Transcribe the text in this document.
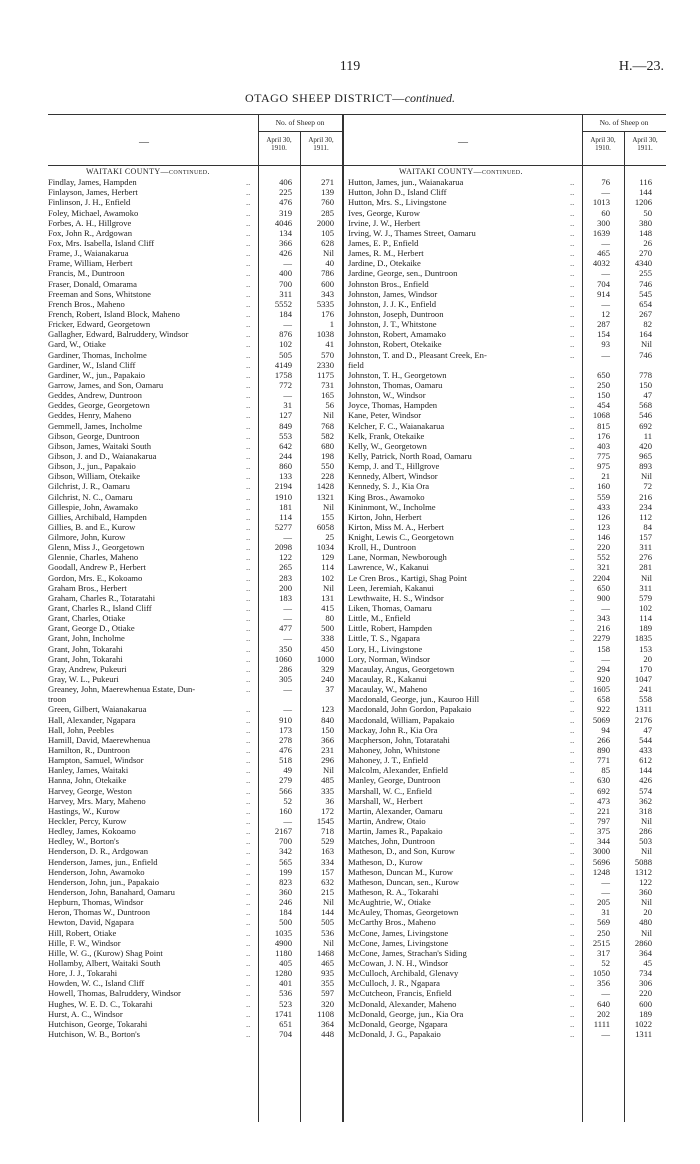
119	H.—23.
OTAGO SHEEP DISTRICT—continued.
—
No. of Sheep on
April 30,
1910.
April 30,
1911.	—
No. of Sheep on
April 30,
1910.
April 30,
1911.
WAITAKI COUNTY—continued.
Findlay, James, Hampden	..	406	271
Finlayson, James, Herbert	..	225	139
Finlinson, J. H., Enfield	..	476	760
Foley, Michael, Awamoko	..	319	285
Forbes, A. H., Hillgrove	..	4046	2000
Fox, John R., Ardgowan	..	134	105
Fox, Mrs. Isabella, Island Cliff	..	366	628
Frame, J., Waianakarua	..	426	Nil
Frame, William, Herbert	..	—	40
Francis, M., Duntroon	..	400	786
Fraser, Donald, Omarama	..	700	600
Freeman and Sons, Whitstone	..	311	343
French Bros., Maheno	..	5552	5335
French, Robert, Island Block, Maheno	..	184	176
Fricker, Edward, Georgetown	..	—	1
Gallagher, Edward, Balruddery, Windsor	..	876	1038
Gard, W., Otiake	..	102	41
Gardiner, Thomas, Incholme	..	505	570
Gardiner, W., Island Cliff	..	4149	2330
Gardiner, W., jun., Papakaio	..	1758	1175
Garrow, James, and Son, Oamaru	..	772	731
Geddes, Andrew, Duntroon	..	—	165
Geddes, George, Georgetown	..	31	56
Geddes, Henry, Maheno	..	127	Nil
Gemmell, James, Incholme	..	849	768
Gibson, George, Duntroon	..	553	582
Gibson, James, Waitaki South	..	642	680
Gibson, J. and D., Waianakarua	..	244	198
Gibson, J., jun., Papakaio	..	860	550
Gibson, William, Otekaike	..	133	228
Gilchrist, J. R., Oamaru	..	2194	1428
Gilchrist, N. C., Oamaru	..	1910	1321
Gillespie, John, Awamako	..	181	Nil
Gillies, Archibald, Hampden	..	114	155
Gillies, B. and E., Kurow	..	5277	6058
Gilmore, John, Kurow	..	—	25
Glenn, Miss J., Georgetown	..	2098	1034
Glennie, Charles, Maheno	..	122	129
Goodall, Andrew P., Herbert	..	265	114
Gordon, Mrs. E., Kokoamo	..	283	102
Graham Bros., Herbert	..	200	Nil
Graham, Charles R., Totaratahi	..	183	131
Grant, Charles R., Island Cliff	..	—	415
Grant, Charles, Otiake	..	—	80
Grant, George D., Otiake	..	477	500
Grant, John, Incholme	..	—	338
Grant, John, Tokarahi	..	350	450
Grant, John, Tokarahi	..	1060	1000
Gray, Andrew, Pukeuri	..	286	329
Gray, W. L., Pukeuri	..	305	240
Greaney, John, Maerewhenua Estate, Dun-	..	—	37
troon
Green, Gilbert, Waianakarua	..	—	123
Hall, Alexander, Ngapara	..	910	840
Hall, John, Peebles	..	173	150
Hamill, David, Maerewhenua	..	278	366
Hamilton, R., Duntroon	..	476	231
Hampton, Samuel, Windsor	..	518	296
Hanley, James, Waitaki	..	49	Nil
Hanna, John, Otekaike	..	279	485
Harvey, George, Weston	..	566	335
Harvey, Mrs. Mary, Maheno	..	52	36
Hastings, W., Kurow	..	160	172
Heckler, Percy, Kurow	..	—	1545
Hedley, James, Kokoamo	..	2167	718
Hedley, W., Borton's	..	700	529
Henderson, D. R., Ardgowan	..	342	163
Henderson, James, jun., Enfield	..	565	334
Henderson, John, Awamoko	..	199	157
Henderson, John, jun., Papakaio	..	823	632
Henderson, John, Banahard, Oamaru	..	360	215
Hepburn, Thomas, Windsor	..	246	Nil
Heron, Thomas W., Duntroon	..	184	144
Hewton, David, Ngapara	..	500	505
Hill, Robert, Otiake	..	1035	536
Hille, F. W., Windsor	..	4900	Nil
Hille, W. G., (Kurow) Shag Point	..	1180	1468
Hollamby, Albert, Waitaki South	..	405	465
Hore, J. J., Tokarahi	..	1280	935
Howden, W. C., Island Cliff	..	401	355
Howell, Thomas, Balruddery, Windsor	..	536	597
Hughes, W. E. D. C., Tokarahi	..	523	320
Hurst, A. C., Windsor	..	1741	1108
Hutchison, George, Tokarahi	..	651	364
Hutchison, W. B., Borton's	..	704	448
WAITAKI COUNTY—continued.
Hutton, James, jun., Waianakarua	..	76	116
Hutton, John D., Island Cliff	..	—	144
Hutton, Mrs. S., Livingstone	..	1013	1206
Ives, George, Kurow	..	60	50
Irvine, J. W., Herbert	..	300	380
Irving, W. J., Thames Street, Oamaru	..	1639	148
James, E. P., Enfield	..	—	26
James, R. M., Herbert	..	465	270
Jardine, D., Otekaike	..	4032	4340
Jardine, George, sen., Duntroon	..	—	255
Johnston Bros., Enfield	..	704	746
Johnston, James, Windsor	..	914	545
Johnston, J. J. K., Enfield	..	—	654
Johnston, Joseph, Duntroon	..	12	267
Johnston, J. T., Whitstone	..	287	82
Johnston, Robert, Amamako	..	154	164
Johnston, Robert, Otekaike	..	93	Nil
Johnston, T. and D., Pleasant Creek, En-	..	—	746
field
Johnston, T. H., Georgetown	..	650	778
Johnston, Thomas, Oamaru	..	250	150
Johnston, W., Windsor	..	150	47
Joyce, Thomas, Hampden	..	454	568
Kane, Peter, Windsor	..	1068	546
Kelcher, F. C., Waianakarua	..	815	692
Kelk, Frank, Otekaike	..	176	11
Kelly, W., Georgetown	..	403	420
Kelly, Patrick, North Road, Oamaru	..	775	965
Kemp, J. and T., Hillgrove	..	975	893
Kennedy, Albert, Windsor	..	21	Nil
Kennedy, S. J., Kia Ora	..	160	72
King Bros., Awamoko	..	559	216
Kininmont, W., Incholme	..	433	234
Kirton, John, Herbert	..	126	112
Kirton, Miss M. A., Herbert	..	123	84
Knight, Lewis C., Georgetown	..	146	157
Kroll, H., Duntroon	..	220	311
Lane, Norman, Newborough	..	552	276
Lawrence, W., Kakanui	..	321	281
Le Cren Bros., Kartigi, Shag Point	..	2204	Nil
Leen, Jeremiah, Kakanui	..	650	311
Lewthwaite, H. S., Windsor	..	900	579
Liken, Thomas, Oamaru	..	—	102
Little, M., Enfield	..	343	114
Little, Robert, Hampden	..	216	189
Little, T. S., Ngapara	..	2279	1835
Lory, H., Livingstone	..	158	153
Lory, Norman, Windsor	..	—	20
Macaulay, Angus, Georgetown	..	294	170
Macaulay, R., Kakanui	..	920	1047
Macaulay, W., Maheno	..	1605	241
Macdonald, George, jun., Kauroo Hill	..	658	558
Macdonald, John Gordon, Papakaio	..	922	1311
Macdonald, William, Papakaio	..	5069	2176
Mackay, John R., Kia Ora	..	94	47
Macpherson, John, Totaratahi	..	266	544
Mahoney, John, Whitstone	..	890	433
Mahoney, J. T., Enfield	..	771	612
Malcolm, Alexander, Enfield	..	85	144
Manley, George, Duntroon	..	630	426
Marshall, W. C., Enfield	..	692	574
Marshall, W., Herbert	..	473	362
Martin, Alexander, Oamaru	..	221	318
Martin, Andrew, Otaio	..	797	Nil
Martin, James R., Papakaio	..	375	286
Matches, John, Duntroon	..	344	503
Matheson, D., and Son, Kurow	..	3000	Nil
Matheson, D., Kurow	..	5696	5088
Matheson, Duncan M., Kurow	..	1248	1312
Matheson, Duncan, sen., Kurow	..	—	122
Matheson, R. A., Tokarahi	..	—	360
McAughtrie, W., Otiake	..	205	Nil
McAuley, Thomas, Georgetown	..	31	20
McCarthy Bros., Maheno	..	569	480
McCone, James, Livingstone	..	250	Nil
McCone, James, Livingstone	..	2515	2860
McCone, James, Strachan's Siding	..	317	364
McCowan, J. N. H., Windsor	..	52	45
McCulloch, Archibald, Glenavy	..	1050	734
McCulloch, J. R., Ngapara	..	356	306
McCutcheon, Francis, Enfield	..	—	220
McDonald, Alexander, Maheno	..	640	600
McDonald, George, jun., Kia Ora	..	202	189
McDonald, George, Ngapara	..	1111	1022
McDonald, J. G., Papakaio	..	—	1311
